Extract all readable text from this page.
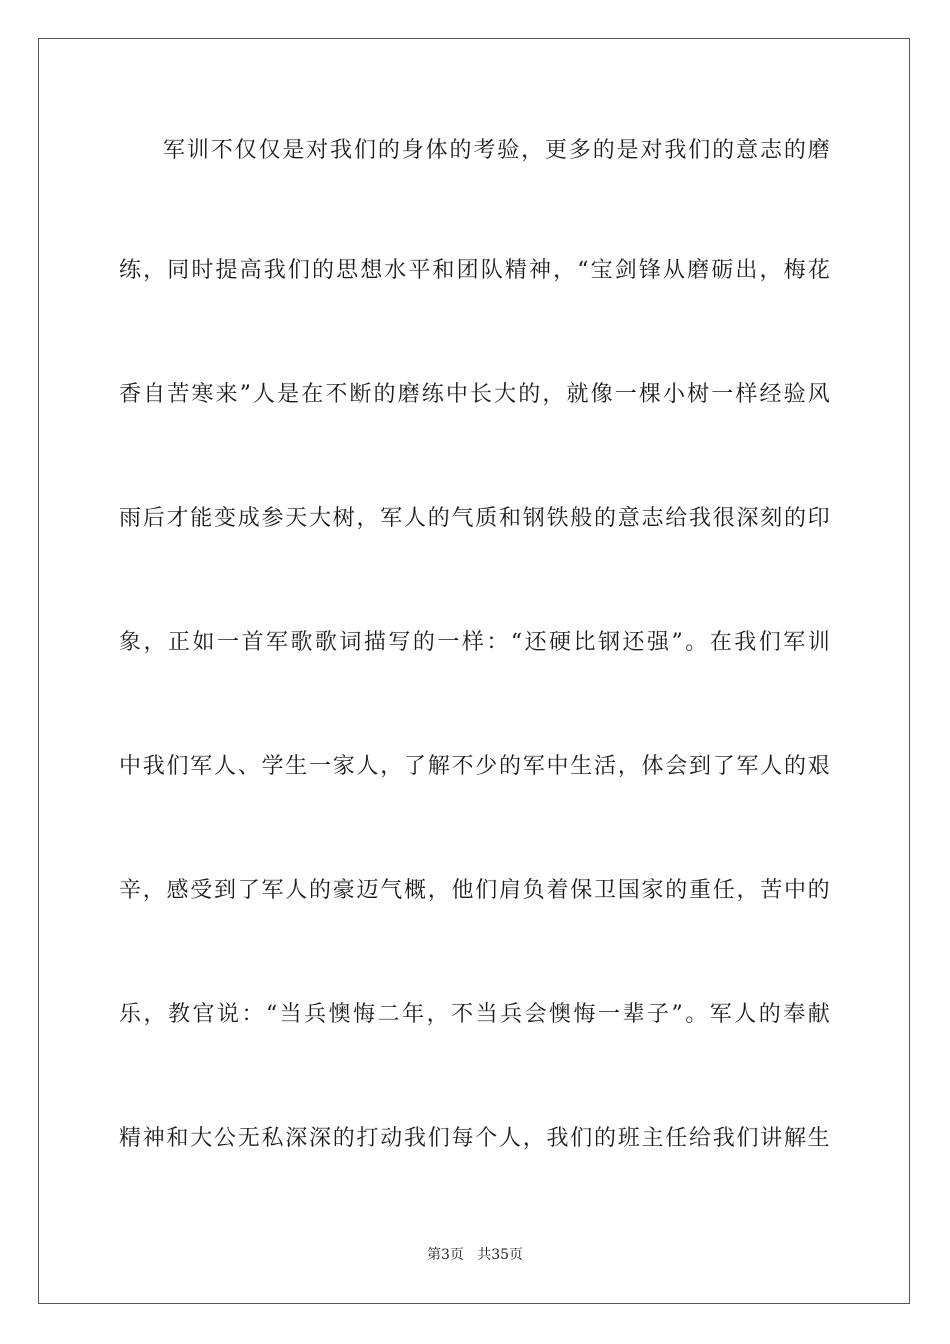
军训不仅仅是对我们的身体的考验，更多的是对我们的意志的磨
练，同时提高我们的思想水平和团队精神，“宝剑锋从磨砺出，梅花
香自苦寒来”人是在不断的磨练中长大的，就像一棵小树一样经验风
雨后才能变成参天大树，军人的气质和钢铁般的意志给我很深刻的印
象，正如一首军歌歌词描写的一样：“还硬比钢还强”。在我们军训
中我们军人、学生一家人，了解不少的军中生活，体会到了军人的艰
辛，感受到了军人的豪迈气概，他们肩负着保卫国家的重任，苦中的
乐，教官说：“当兵懊悔二年，不当兵会懊悔一辈子”。军人的奉献
精神和大公无私深深的打动我们每个人，我们的班主任给我们讲解生
第3页   共35页
